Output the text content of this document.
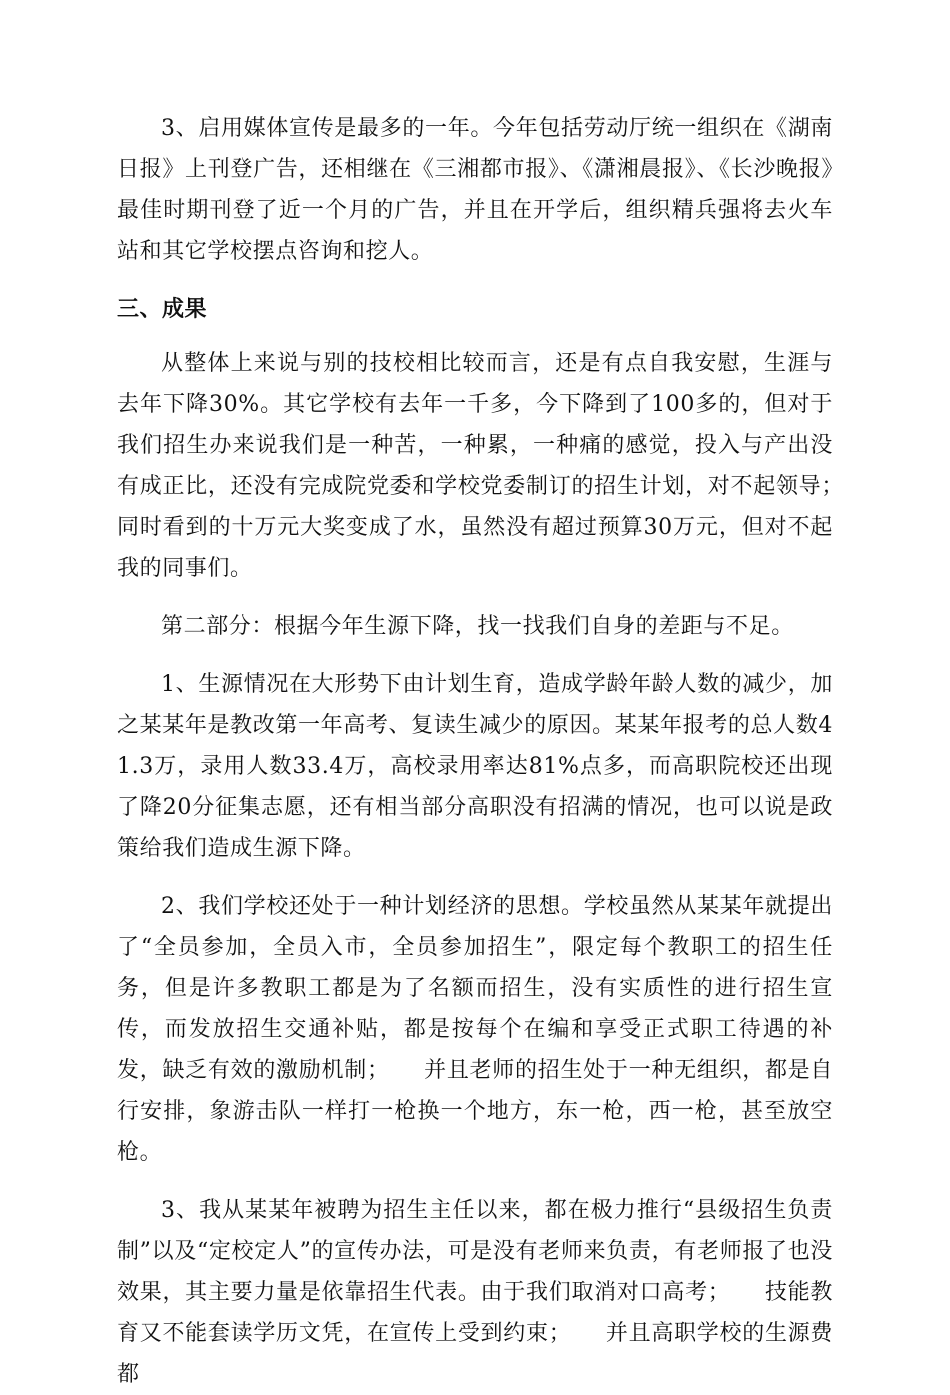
3、启用媒体宣传是最多的一年。今年包括劳动厅统一组织在《湖南日报》上刊登广告，还相继在《三湘都市报》、《潇湘晨报》、《长沙晚报》最佳时期刊登了近一个月的广告，并且在开学后，组织精兵强将去火车站和其它学校摆点咨询和挖人。

三、成果

从整体上来说与别的技校相比较而言，还是有点自我安慰，生涯与去年下降30%。其它学校有去年一千多，今下降到了100多的，但对于我们招生办来说我们是一种苦，一种累，一种痛的感觉，投入与产出没有成正比，还没有完成院党委和学校党委制订的招生计划，对不起领导；　　同时看到的十万元大奖变成了水，虽然没有超过预算30万元，但对不起我的同事们。

第二部分：根据今年生源下降，找一找我们自身的差距与不足。

1、生源情况在大形势下由计划生育，造成学龄年龄人数的减少，加之某某年是教改第一年高考、复读生减少的原因。某某年报考的总人数41.3万，录用人数33.4万，高校录用率达81%点多，而高职院校还出现了降20分征集志愿，还有相当部分高职没有招满的情况，也可以说是政策给我们造成生源下降。

2、我们学校还处于一种计划经济的思想。学校虽然从某某年就提出了“全员参加，全员入市，全员参加招生”，限定每个教职工的招生任务，但是许多教职工都是为了名额而招生，没有实质性的进行招生宣传，而发放招生交通补贴，都是按每个在编和享受正式职工待遇的补发，缺乏有效的激励机制；　　并且老师的招生处于一种无组织，都是自行安排，象游击队一样打一枪换一个地方，东一枪，西一枪，甚至放空枪。

3、我从某某年被聘为招生主任以来，都在极力推行“县级招生负责制”以及“定校定人”的宣传办法，可是没有老师来负责，有老师报了也没效果，其主要力量是依靠招生代表。由于我们取消对口高考；　　技能教育又不能套读学历文凭，在宣传上受到约束；　　并且高职学校的生源费都
